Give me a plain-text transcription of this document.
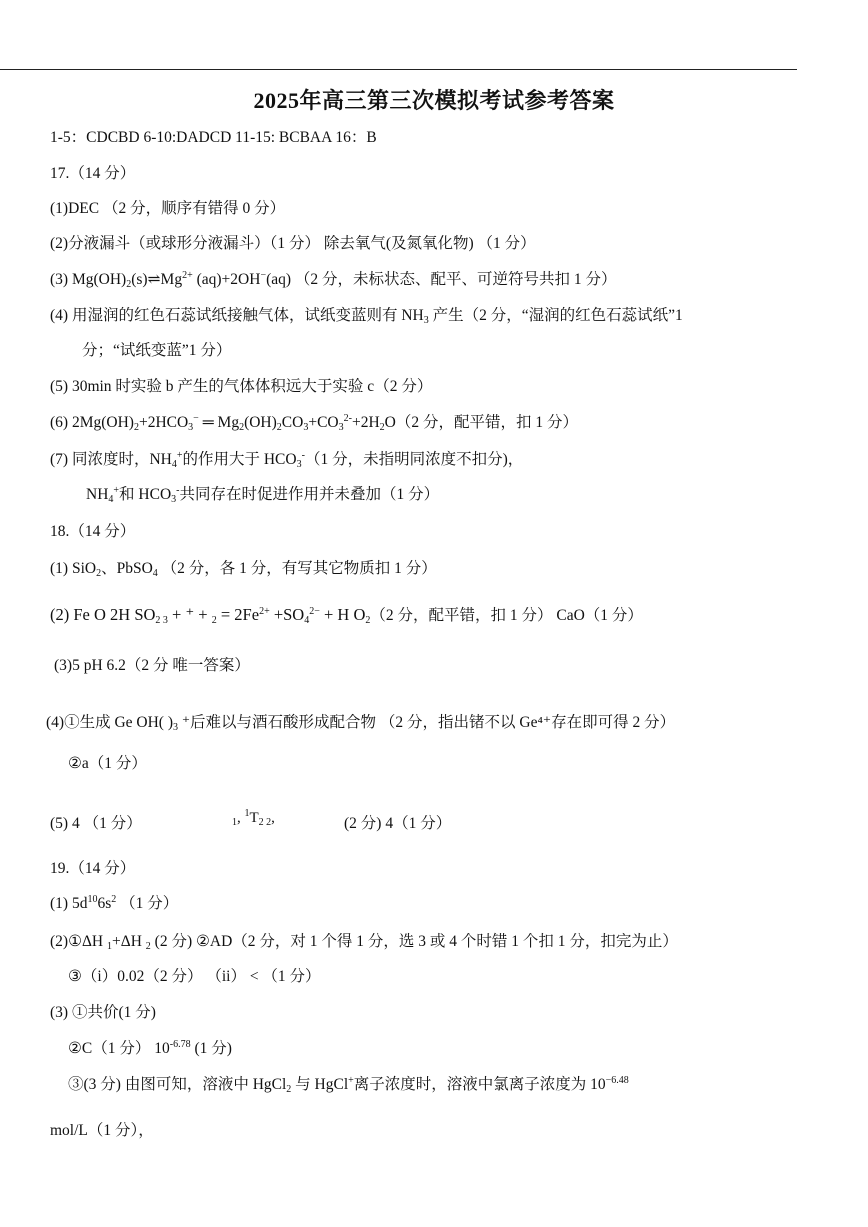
2025年高三第三次模拟考试参考答案
1-5：CDCBD 6-10:DADCD 11-15: BCBAA 16：B
17.（14 分）
(1)DEC （2 分，顺序有错得 0 分）
(2)分液漏斗（或球形分液漏斗）（1 分） 除去氧气(及氮氧化物) （1 分）
(3) $Mg(OH)_2(s)\rightleftharpoons Mg^{2+}$ (aq)+2OH−(aq) （2 分，未标状态、配平、可逆符号共扣 1 分）
(4) 用湿润的红色石蕊试纸接触气体，试纸变蓝则有 $NH_3$ 产生（2 分，“湿润的红色石蕊试纸”1
分；“试纸变蓝”1 分）
(5) 30min 时实验 b 产生的气体体积远大于实验 c（2 分）
(6) $2Mg(OH)_2+2HCO_3^-$ ═ $Mg_2(OH)_2CO_3+CO_3^{2-}+2H_2O(2$ 分，配平错，扣 1 分）
(7) 同浓度时，$NH_4^+$的作用大于 $HCO_3^-(1$ 分，未指明同浓度不扣分)，
$NH_4^+$和 $HCO_3^-$共同存在时促进作用并未叠加（1 分）
18.（14 分）
(1) SiO$_2$、PbSO$_4$ （2 分，各 1 分，有写其它物质扣 1 分）
(2) Fe O 2H $SO_{2 3}$ + ⁺ + $_2 = 2Fe^{2+} +SO_4^{2-} + H$ $O_2(2$ 分，配平错，扣 1 分） CaO（1 分）
(3)5 pH 6.2（2 分 唯一答案）
(4)①生成 Ge OH( )$_3$ ⁺后难以与酒石酸形成配合物 （2 分，指出锗不以 Ge⁴⁺存在即可得 2 分）
②a（1 分）
(5) 4 （1 分）	$_1$, $^1T_{2 2}$,	(2 分) 4（1 分）
19.（14 分）
(1) $5d^{10}6s^2$ （1 分）
(2)①ΔH $_1$+ΔH $_2$ (2 分) ②AD（2 分，对 1 个得 1 分，选 3 或 4 个时错 1 个扣 1 分，扣完为止）
③（i）0.02（2 分） （ii） < （1 分）
(3) ①共价(1 分)
②C（1 分） $10^{-6.78}$ (1 分)
③(3 分) 由图可知，溶液中 HgCl$_2$ 与 HgCl+离子浓度时，溶液中氯离子浓度为 $10^{-6.48}$
mol/L（1 分），
